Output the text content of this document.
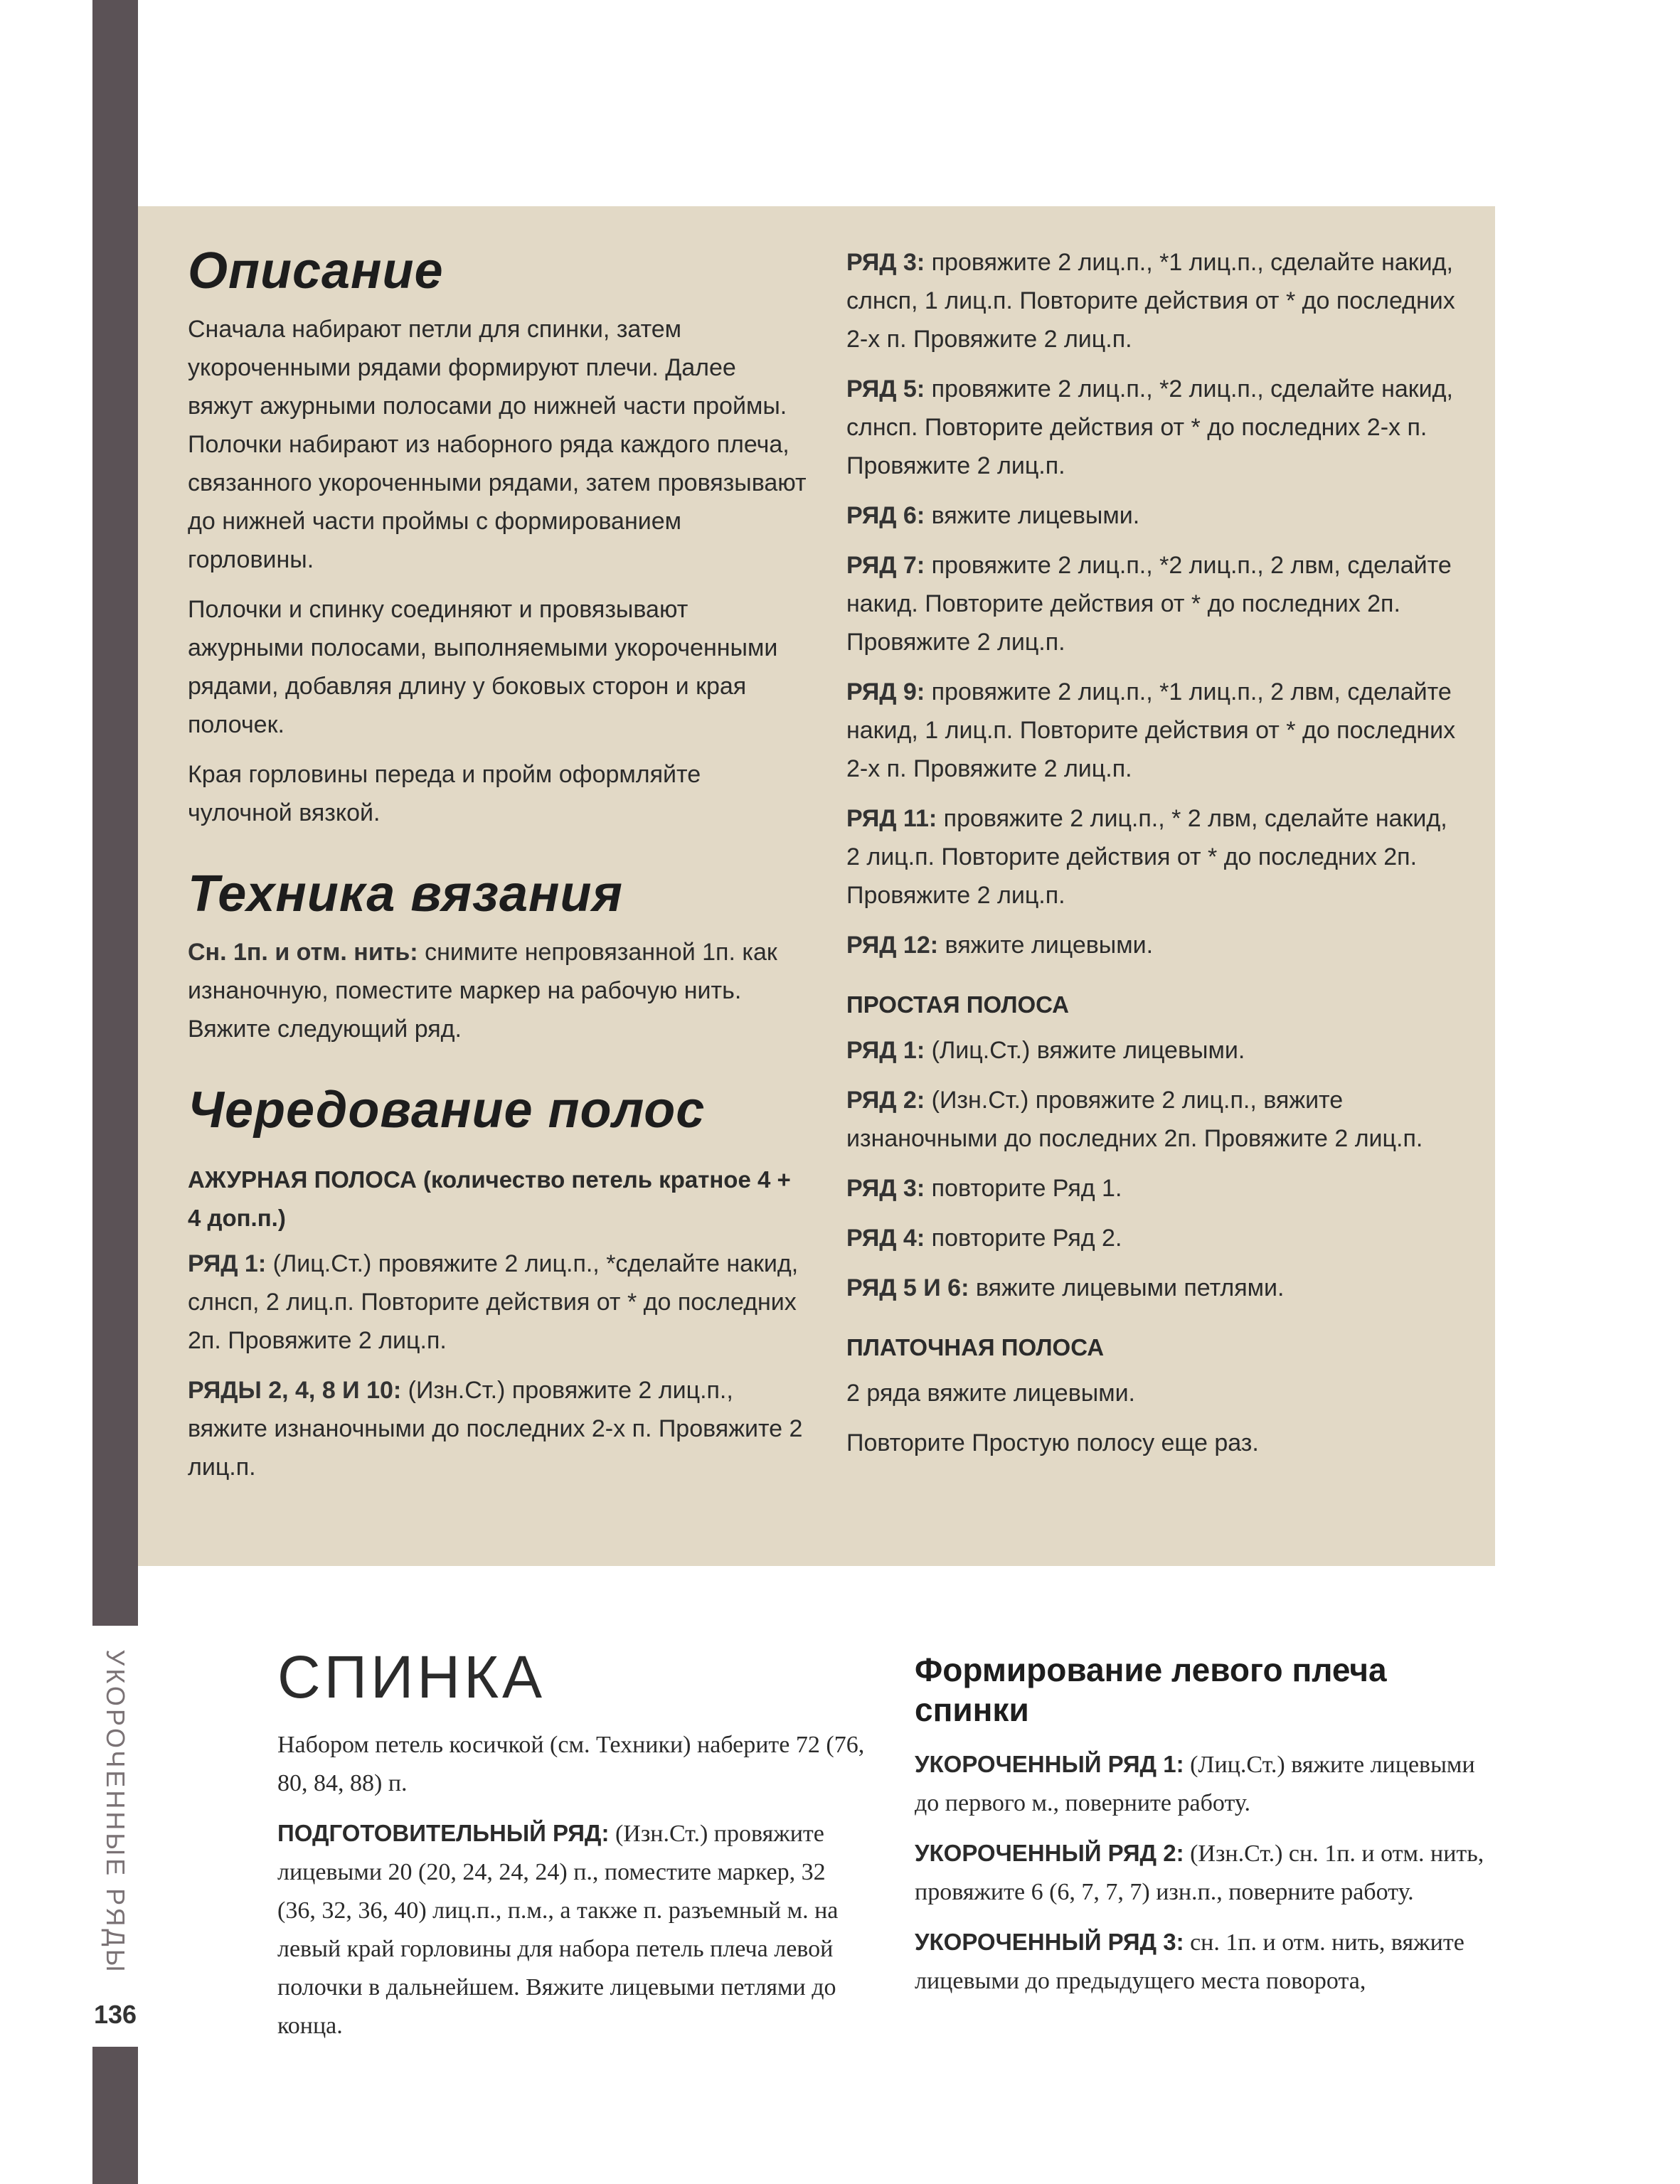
УКОРОЧЕННЫЕ РЯДЫ
136
Описание

Сначала набирают петли для спинки, затем укороченными рядами формируют плечи. Далее вяжут ажурными полосами до нижней части проймы. Полочки набирают из наборного ряда каждого плеча, связанного укороченными рядами, затем провязывают до нижней части проймы с формированием горловины.

Полочки и спинку соединяют и провязывают ажурными полосами, выполняемыми укороченными рядами, добавляя длину у боковых сторон и края полочек.

Края горловины переда и пройм оформляйте чулочной вязкой.

Техника вязания

Сн. 1п. и отм. нить: снимите непровязанной 1п. как изнаночную, поместите маркер на рабочую нить. Вяжите следующий ряд.

Чередование полос
АЖУРНАЯ ПОЛОСА (количество петель кратное 4 + 4 доп.п.)

РЯД 1: (Лиц.Ст.) провяжите 2 лиц.п., *сделайте накид, слнсп, 2 лиц.п. Повторите действия от * до последних 2п. Провяжите 2 лиц.п.

РЯДЫ 2, 4, 8 И 10: (Изн.Ст.) провяжите 2 лиц.п., вяжите изнаночными до последних 2-х п. Провяжите 2 лиц.п.

РЯД 3: провяжите 2 лиц.п., *1 лиц.п., сделайте накид, слнсп, 1 лиц.п. Повторите действия от * до последних 2-х п. Провяжите 2 лиц.п.

РЯД 5: провяжите 2 лиц.п., *2 лиц.п., сделайте накид, слнсп. Повторите действия от * до последних 2-х п. Провяжите 2 лиц.п.

РЯД 6: вяжите лицевыми.

РЯД 7: провяжите 2 лиц.п., *2 лиц.п., 2 лвм, сделайте накид. Повторите действия от * до последних 2п. Провяжите 2 лиц.п.

РЯД 9: провяжите 2 лиц.п., *1 лиц.п., 2 лвм, сделайте накид, 1 лиц.п. Повторите действия от * до последних 2-х п. Провяжите 2 лиц.п.

РЯД 11: провяжите 2 лиц.п., * 2 лвм, сделайте накид, 2 лиц.п. Повторите действия от * до последних 2п. Провяжите 2 лиц.п.

РЯД 12: вяжите лицевыми.

ПРОСТАЯ ПОЛОСА

РЯД 1: (Лиц.Ст.) вяжите лицевыми.

РЯД 2: (Изн.Ст.) провяжите 2 лиц.п., вяжите изнаночными до последних 2п. Провяжите 2 лиц.п.

РЯД 3: повторите Ряд 1.

РЯД 4: повторите Ряд 2.

РЯД 5 И 6: вяжите лицевыми петлями.

ПЛАТОЧНАЯ ПОЛОСА

2 ряда вяжите лицевыми.

Повторите Простую полосу еще раз.

СПИНКА

Набором петель косичкой (см. Техники) наберите 72 (76, 80, 84, 88) п.

ПОДГОТОВИТЕЛЬНЫЙ РЯД: (Изн.Ст.) провяжите лицевыми 20 (20, 24, 24, 24) п., поместите маркер, 32 (36, 32, 36, 40) лиц.п., п.м., а также п. разъемный м. на левый край горловины для набора петель плеча левой полочки в дальнейшем. Вяжите лицевыми петлями до конца.

Формирование левого плеча спинки

УКОРОЧЕННЫЙ РЯД 1: (Лиц.Ст.) вяжите лицевыми до первого м., поверните работу.

УКОРОЧЕННЫЙ РЯД 2: (Изн.Ст.) сн. 1п. и отм. нить, провяжите 6 (6, 7, 7, 7) изн.п., поверните работу.

УКОРОЧЕННЫЙ РЯД 3: сн. 1п. и отм. нить, вяжите лицевыми до предыдущего места поворота,
